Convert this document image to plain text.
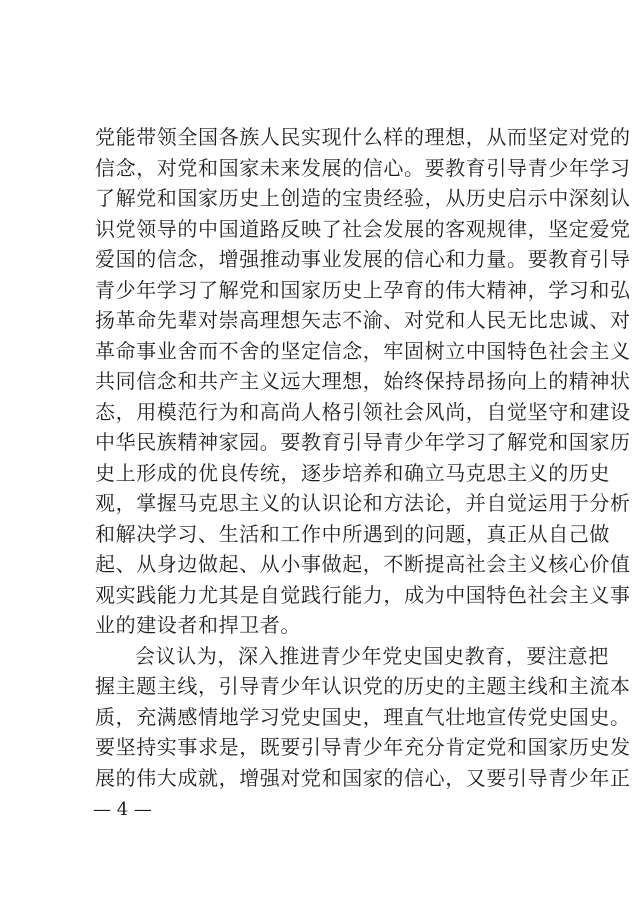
党能带领全国各族人民实现什么样的理想，从而坚定对党的
信念，对党和国家未来发展的信心。要教育引导青少年学习
了解党和国家历史上创造的宝贵经验，从历史启示中深刻认
识党领导的中国道路反映了社会发展的客观规律，坚定爱党
爱国的信念，增强推动事业发展的信心和力量。要教育引导
青少年学习了解党和国家历史上孕育的伟大精神，学习和弘
扬革命先辈对崇高理想矢志不渝、对党和人民无比忠诚、对
革命事业舍而不舍的坚定信念，牢固树立中国特色社会主义
共同信念和共产主义远大理想，始终保持昂扬向上的精神状
态，用模范行为和高尚人格引领社会风尚，自觉坚守和建设
中华民族精神家园。要教育引导青少年学习了解党和国家历
史上形成的优良传统，逐步培养和确立马克思主义的历史
观，掌握马克思主义的认识论和方法论，并自觉运用于分析
和解决学习、生活和工作中所遇到的问题，真正从自己做
起、从身边做起、从小事做起，不断提高社会主义核心价值
观实践能力尤其是自觉践行能力，成为中国特色社会主义事
业的建设者和捍卫者。
会议认为，深入推进青少年党史国史教育，要注意把
握主题主线，引导青少年认识党的历史的主题主线和主流本
质，充满感情地学习党史国史，理直气壮地宣传党史国史。
要坚持实事求是，既要引导青少年充分肯定党和国家历史发
展的伟大成就，增强对党和国家的信心，又要引导青少年正
— 4 —
